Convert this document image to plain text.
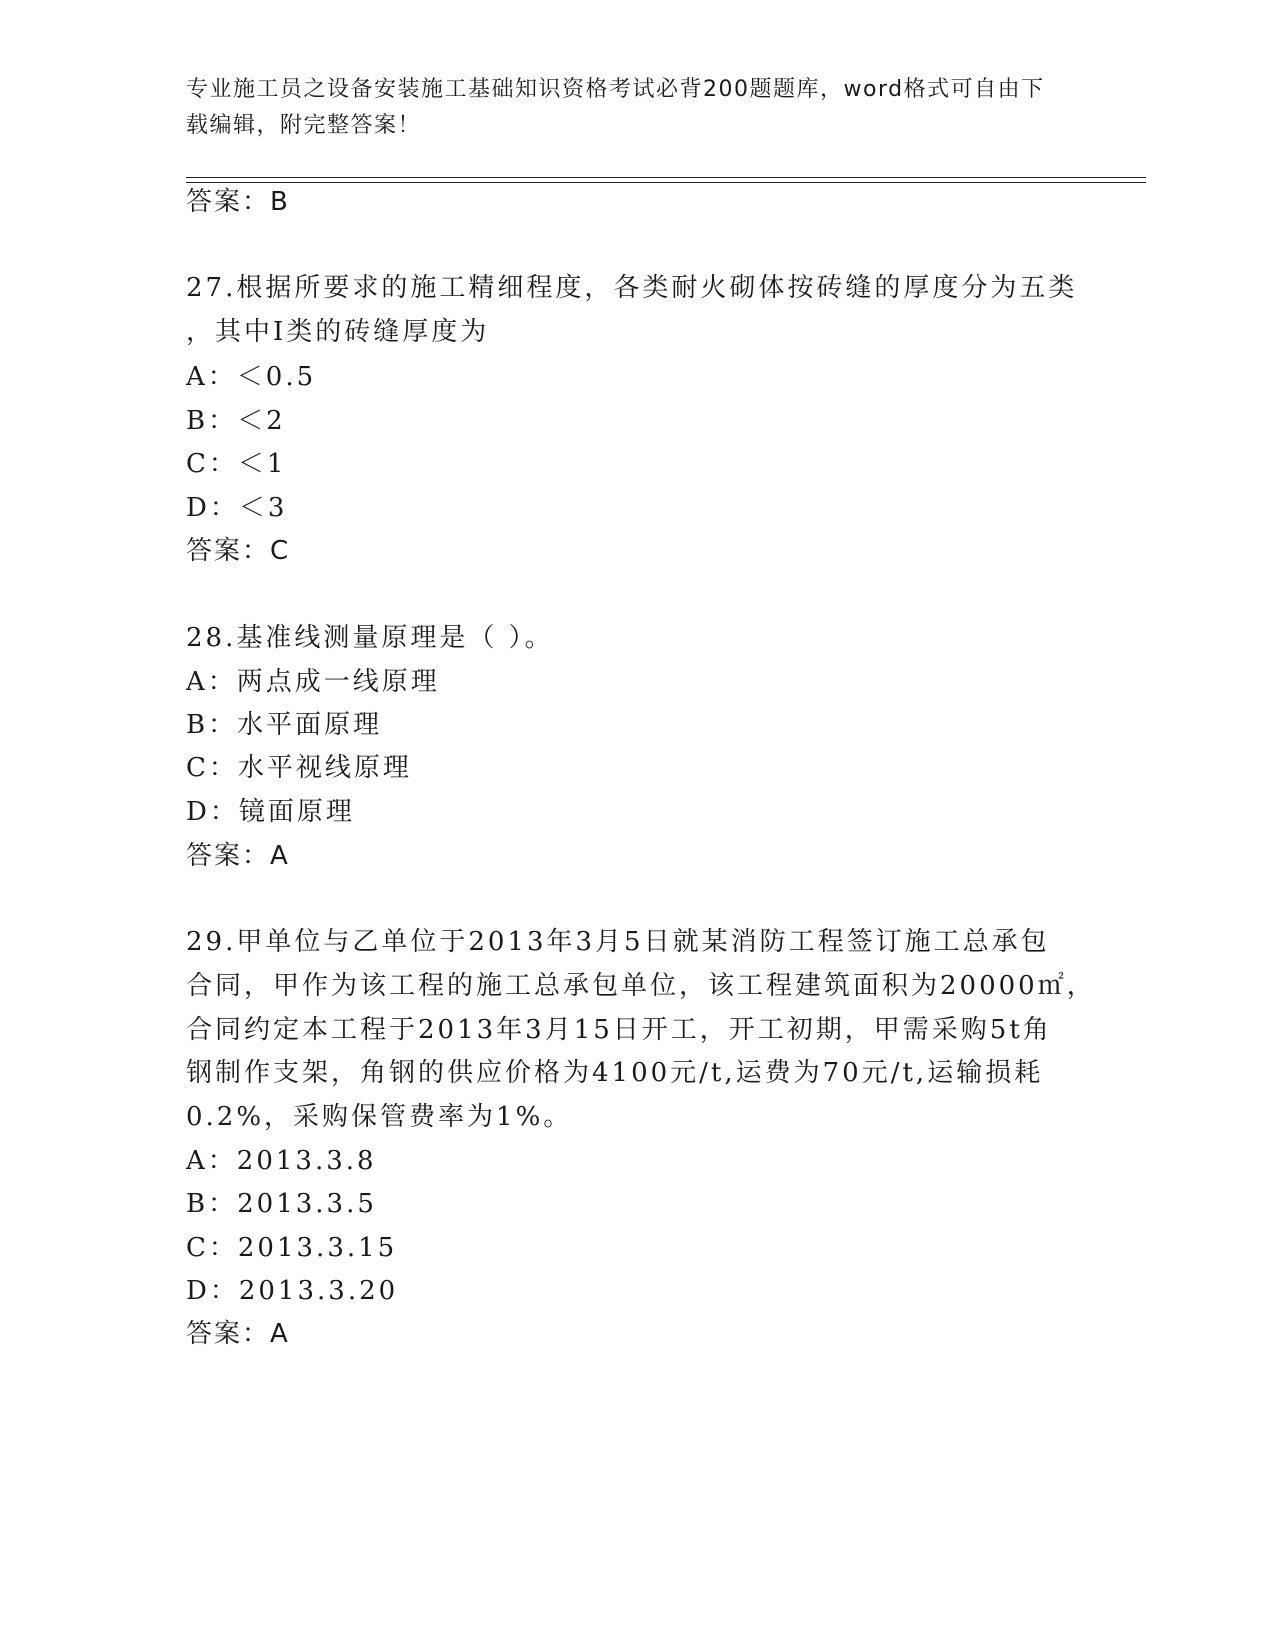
专业施工员之设备安装施工基础知识资格考试必背200题题库，word格式可自由下载编辑，附完整答案！
答案：B
27.根据所要求的施工精细程度，各类耐火砌体按砖缝的厚度分为五类
，其中Ⅰ类的砖缝厚度为
A：＜0.5
B：＜2
C：＜1
D：＜3
答案：C
28.基准线测量原理是（ ）。
A：两点成一线原理
B：水平面原理
C：水平视线原理
D：镜面原理
答案：A
29.甲单位与乙单位于2013年3月5日就某消防工程签订施工总承包
合同，甲作为该工程的施工总承包单位，该工程建筑面积为20000㎡，
合同约定本工程于2013年3月15日开工，开工初期，甲需采购5t角
钢制作支架，角钢的供应价格为4100元/t,运费为70元/t,运输损耗
0.2%，采购保管费率为1%。
A：2013.3.8
B：2013.3.5
C：2013.3.15
D：2013.3.20
答案：A
